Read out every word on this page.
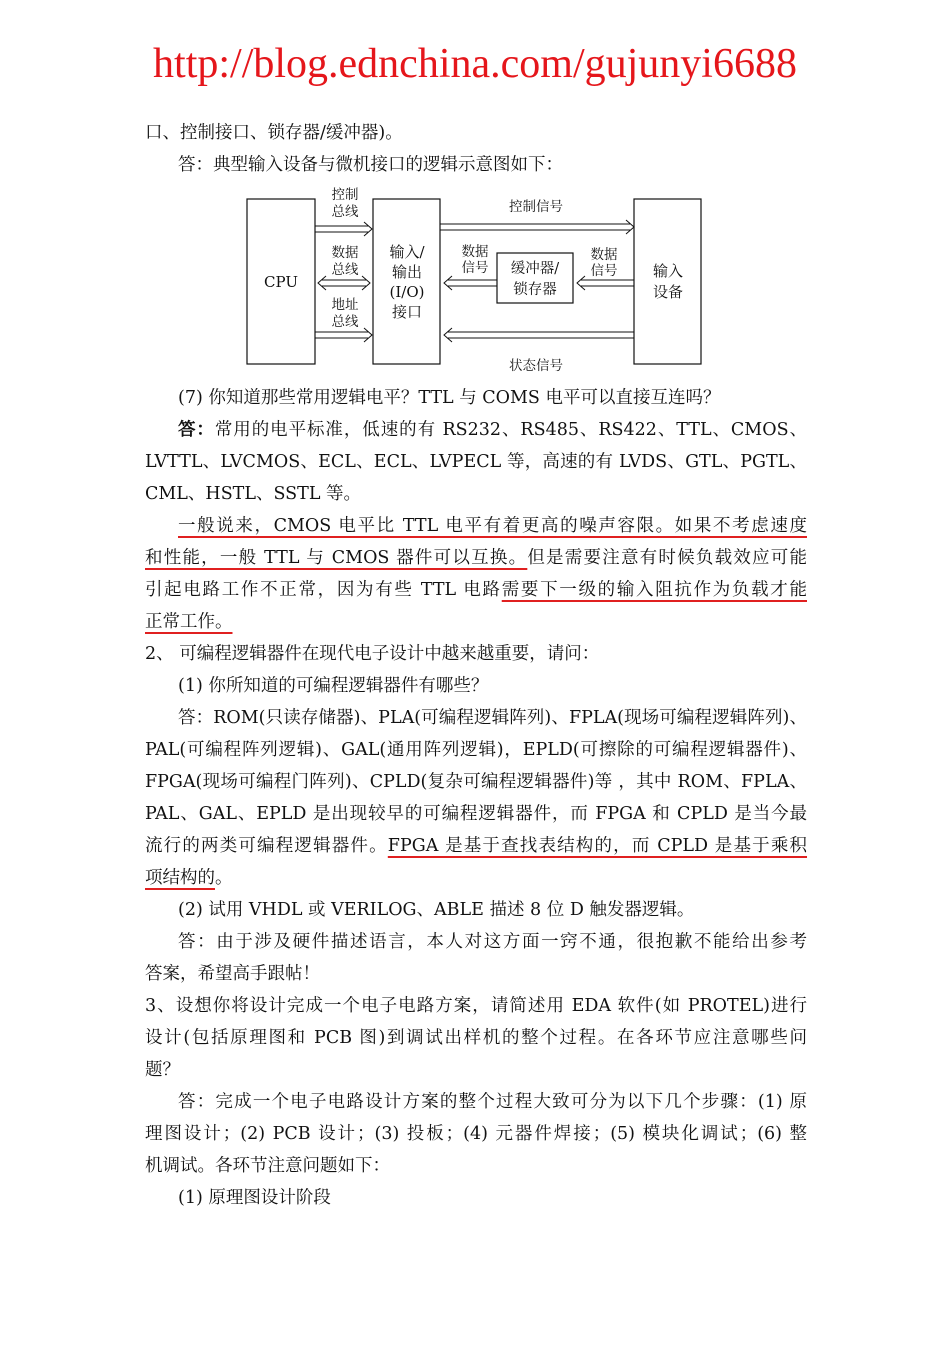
http://blog.ednchina.com/gujunyi6688
口、控制接口、锁存器/缓冲器)。
答：典型输入设备与微机接口的逻辑示意图如下：
CPU
控制
总线
数据
总线
地址
总线
输入/
输出
(I/O)
接口
控制信号
数据
信号 缓冲器/
锁存器
数据
信号 输入
设备
状态信号
(7) 你知道那些常用逻辑电平？TTL 与 COMS 电平可以直接互连吗？
答：常用的电平标准，低速的有 RS232、RS485、RS422、TTL、CMOS、
LVTTL、LVCMOS、ECL、ECL、LVPECL 等，高速的有 LVDS、GTL、PGTL、
CML、HSTL、SSTL 等。
一般说来，CMOS 电平比 TTL 电平有着更高的噪声容限。如果不考虑速度
和性能，一般 TTL 与 CMOS 器件可以互换。但是需要注意有时候负载效应可能
引起电路工作不正常，因为有些 TTL 电路需要下一级的输入阻抗作为负载才能
正常工作。
2、 可编程逻辑器件在现代电子设计中越来越重要，请问：
(1) 你所知道的可编程逻辑器件有哪些？
答：ROM(只读存储器)、PLA(可编程逻辑阵列)、FPLA(现场可编程逻辑阵列)、
PAL(可编程阵列逻辑)、GAL(通用阵列逻辑)，EPLD(可擦除的可编程逻辑器件)、
FPGA(现场可编程门阵列)、CPLD(复杂可编程逻辑器件)等 ，其中 ROM、FPLA、
PAL、GAL、EPLD 是出现较早的可编程逻辑器件，而 FPGA 和 CPLD 是当今最
流行的两类可编程逻辑器件。FPGA 是基于查找表结构的，而 CPLD 是基于乘积
项结构的。
(2) 试用 VHDL 或 VERILOG、ABLE 描述 8 位 D 触发器逻辑。
答：由于涉及硬件描述语言，本人对这方面一窍不通，很抱歉不能给出参考
答案，希望高手跟帖！
3、设想你将设计完成一个电子电路方案，请简述用 EDA 软件(如 PROTEL)进行
设计(包括原理图和 PCB 图)到调试出样机的整个过程。在各环节应注意哪些问
题？
答：完成一个电子电路设计方案的整个过程大致可分为以下几个步骤：(1) 原
理图设计；(2) PCB 设计；(3) 投板；(4) 元器件焊接；(5) 模块化调试；(6) 整
机调试。各环节注意问题如下：
(1) 原理图设计阶段
